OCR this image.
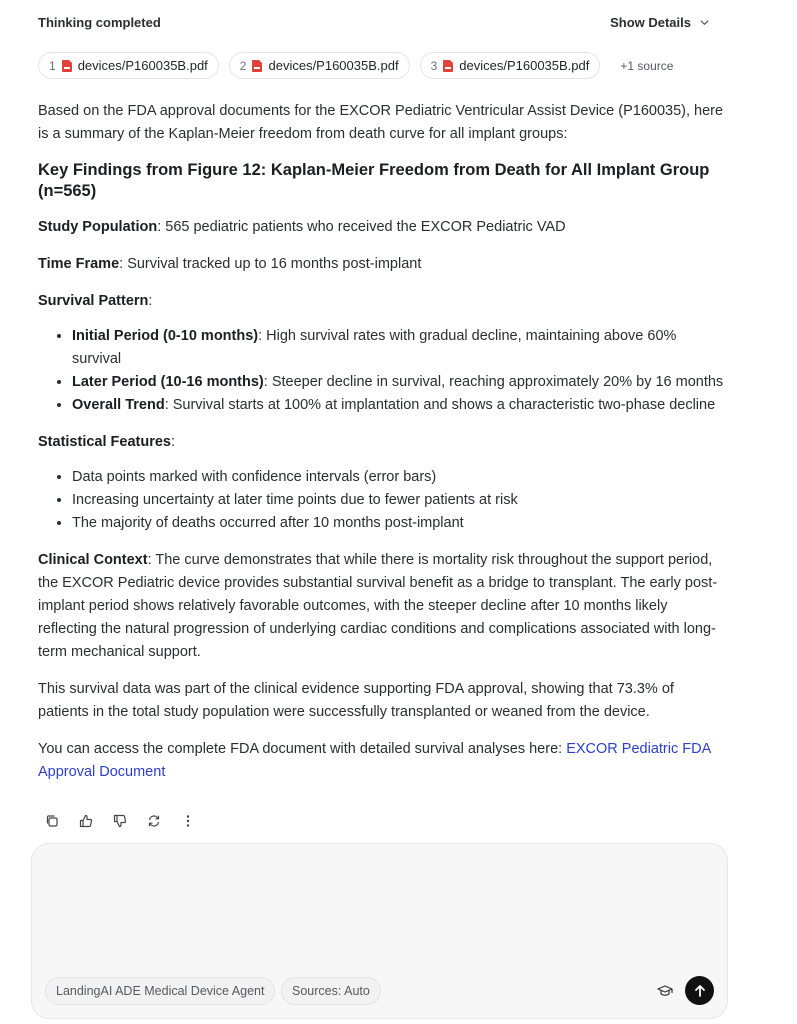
Thinking completed	Show Details
1 devices/P160035B.pdf	2 devices/P160035B.pdf	3 devices/P160035B.pdf	+1 source

Based on the FDA approval documents for the EXCOR Pediatric Ventricular Assist Device (P160035), here is a summary of the Kaplan-Meier freedom from death curve for all implant groups:

Key Findings from Figure 12: Kaplan-Meier Freedom from Death for All Implant Group (n=565)

Study Population: 565 pediatric patients who received the EXCOR Pediatric VAD

Time Frame: Survival tracked up to 16 months post-implant

Survival Pattern:

• Initial Period (0-10 months): High survival rates with gradual decline, maintaining above 60% survival
• Later Period (10-16 months): Steeper decline in survival, reaching approximately 20% by 16 months
• Overall Trend: Survival starts at 100% at implantation and shows a characteristic two-phase decline

Statistical Features:

• Data points marked with confidence intervals (error bars)
• Increasing uncertainty at later time points due to fewer patients at risk
• The majority of deaths occurred after 10 months post-implant

Clinical Context: The curve demonstrates that while there is mortality risk throughout the support period, the EXCOR Pediatric device provides substantial survival benefit as a bridge to transplant. The early post-implant period shows relatively favorable outcomes, with the steeper decline after 10 months likely reflecting the natural progression of underlying cardiac conditions and complications associated with long-term mechanical support.

This survival data was part of the clinical evidence supporting FDA approval, showing that 73.3% of patients in the total study population were successfully transplanted or weaned from the device.

You can access the complete FDA document with detailed survival analyses here: EXCOR Pediatric FDA Approval Document

LandingAI ADE Medical Device Agent	Sources: Auto
